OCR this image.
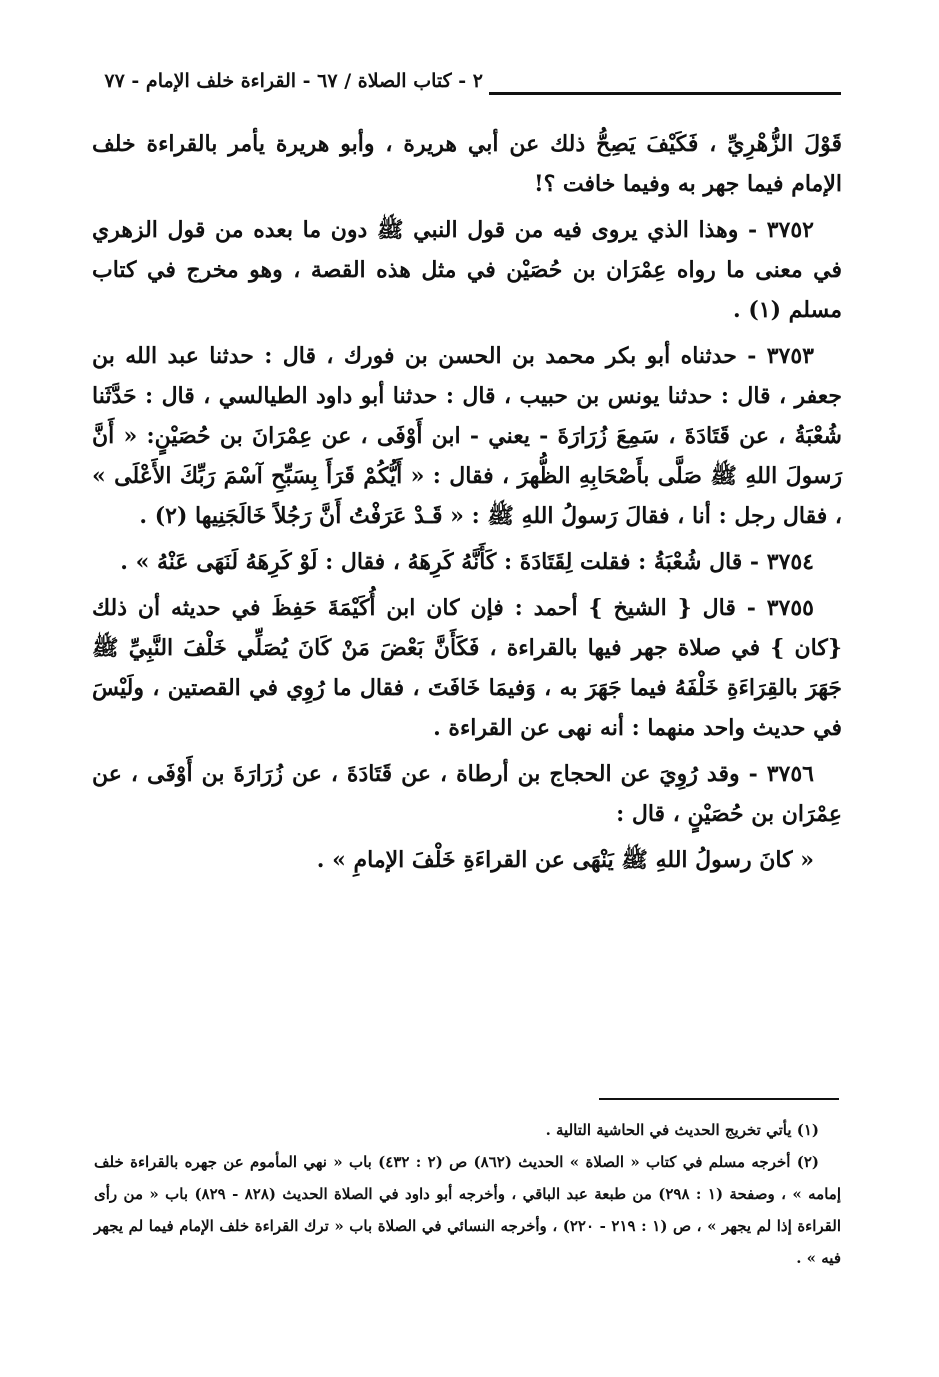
٢ - كتاب الصلاة / ٦٧ - القراءة خلف الإمام - ٧٧

قَوْلَ الزُّهْرِيِّ ، فَكَيْفَ يَصِحُّ ذلك عن أبي هريرة ، وأبو هريرة يأمر بالقراءة خلف الإمام فيما جهر به وفيما خافت ؟!

٣٧٥٢ - وهذا الذي يروى فيه من قول النبي ﷺ دون ما بعده من قول الزهري في معنى ما رواه عِمْرَان بن حُصَيْن في مثل هذه القصة ، وهو مخرج في كتاب مسلم (١) .

٣٧٥٣ - حدثناه أبو بكر محمد بن الحسن بن فورك ، قال : حدثنا عبد الله بن جعفر ، قال : حدثنا يونس بن حبيب ، قال : حدثنا أبو داود الطيالسي ، قال : حَدَّثَنا شُعْبَةُ ، عن قَتَادَةَ ، سَمِعَ زُرَارَةَ - يعني - ابن أَوْفَى ، عن عِمْرَانَ بن حُصَيْنٍ: « أَنَّ رَسولَ اللهِ ﷺ صَلَّى بأَصْحَابِهِ الظُّهرَ ، فقال : « أَيُّكُمْ قَرَأَ بِسَبِّحِ آسْمَ رَبِّكَ الأَعْلَى » ، فقال رجل : أنا ، فقالَ رَسولُ اللهِ ﷺ : « قَـدْ عَرَفْتُ أَنَّ رَجُلاً خَالَجَنِيها (٢) .

٣٧٥٤ - قال شُعْبَةُ : فقلت لِقَتَادَةَ : كَأَنَّهُ كَرِهَهُ ، فقال : لَوْ كَرِهَهُ لَنَهَى عَنْهُ » .

٣٧٥٥ - قال { الشيخ } أحمد : فإن كان ابن أُكَيْمَةَ حَفِظَ في حديثه أن ذلك {كان } في صلاة جهر فيها بالقراءة ، فَكَأَنَّ بَعْضَ مَنْ كَانَ يُصَلِّي خَلْفَ النَّبِيِّ ﷺ جَهَرَ بالقِرَاءَةِ خَلْفَهُ فيما جَهَرَ به ، وَفيمَا خَافَتَ ، فقال ما رُوِي في القصتين ، ولَيْسَ في حديث واحد منهما : أنه نهى عن القراءة .

٣٧٥٦ - وقد رُوِيَ عن الحجاج بن أرطاة ، عن قَتَادَةَ ، عن زُرَارَةَ بن أَوْفَى ، عن عِمْرَان بن حُصَيْنٍ ، قال :

« كانَ رسولُ اللهِ ﷺ يَنْهَى عن القراءَةِ خَلْفَ الإمامِ » .

(١) يأتي تخريج الحديث في الحاشية التالية .

(٢) أخرجه مسلم في كتاب « الصلاة » الحديث (٨٦٢) ص (٢ : ٤٣٢) باب « نهي المأموم عن جهره بالقراءة خلف إمامه » ، وصفحة (١ : ٢٩٨) من طبعة عبد الباقي ، وأخرجه أبو داود في الصلاة الحديث (٨٢٨ - ٨٢٩) باب « من رأى القراءة إذا لم يجهر » ، ص (١ : ٢١٩ - ٢٢٠) ، وأخرجه النسائي في الصلاة باب « ترك القراءة خلف الإمام فيما لم يجهر فيه » .
